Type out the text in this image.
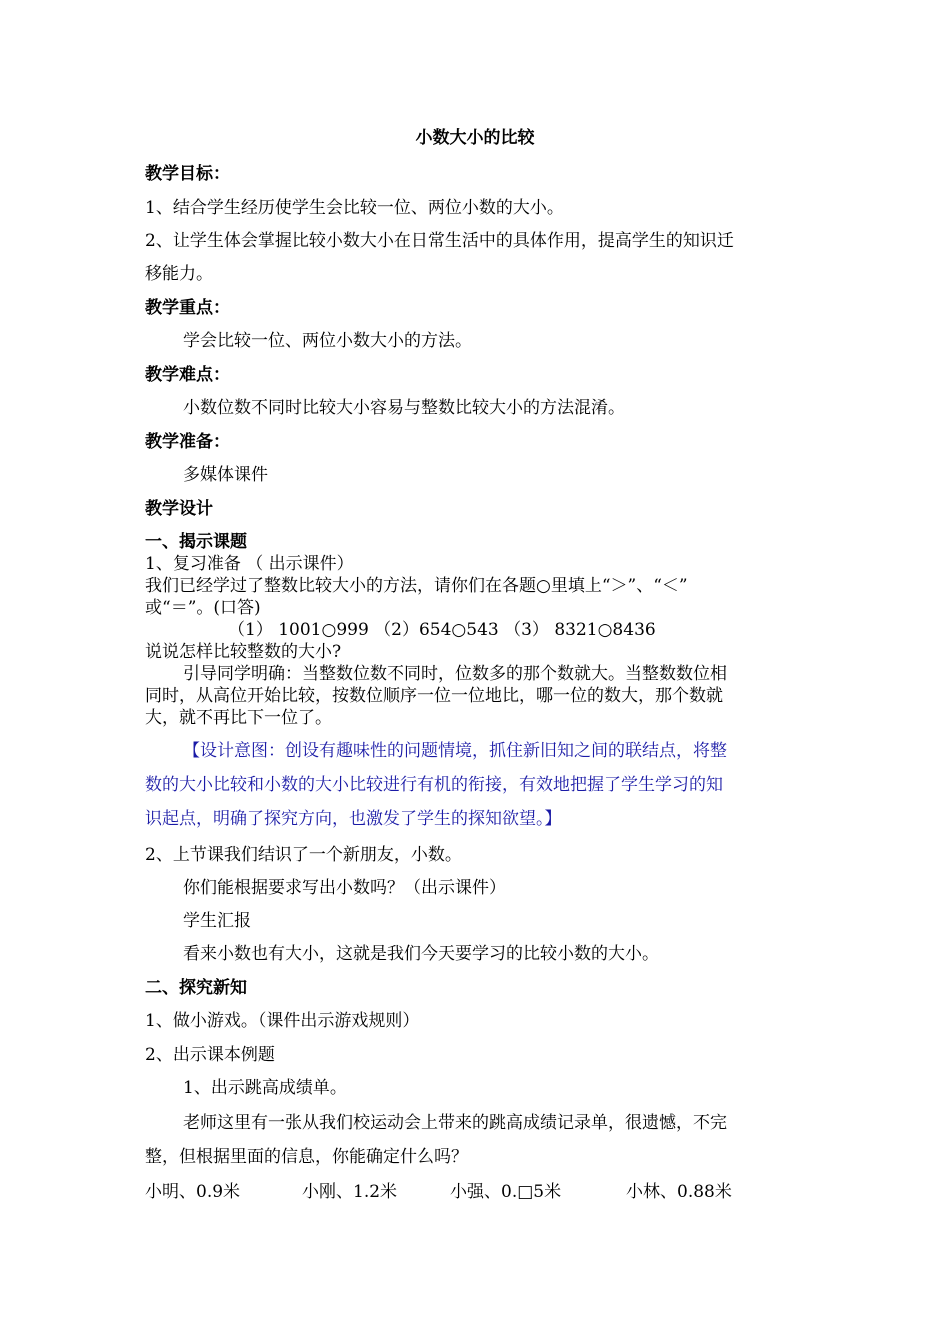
小数大小的比较
教学目标：
1、结合学生经历使学生会比较一位、两位小数的大小。
2、让学生体会掌握比较小数大小在日常生活中的具体作用，提高学生的知识迁
移能力。
教学重点：
学会比较一位、两位小数大小的方法。
教学难点：
小数位数不同时比较大小容易与整数比较大小的方法混淆。
教学准备：
多媒体课件
教学设计
一、揭示课题
1、复习准备 （ 出示课件）
我们已经学过了整数比较大小的方法，请你们在各题○里填上“＞”、“＜”
或“＝”。(口答)
（1） 1001○999 （2）654○543 （3） 8321○8436
说说怎样比较整数的大小?
引导同学明确：当整数位数不同时，位数多的那个数就大。当整数数位相
同时，从高位开始比较，按数位顺序一位一位地比，哪一位的数大，那个数就
大，就不再比下一位了。
【设计意图：创设有趣味性的问题情境，抓住新旧知之间的联结点，将整
数的大小比较和小数的大小比较进行有机的衔接，有效地把握了学生学习的知
识起点，明确了探究方向，也激发了学生的探知欲望。】
2、上节课我们结识了一个新朋友，小数。
你们能根据要求写出小数吗？（出示课件）
学生汇报
看来小数也有大小，这就是我们今天要学习的比较小数的大小。
二、探究新知
1、做小游戏。（课件出示游戏规则）
2、出示课本例题
1、出示跳高成绩单。
老师这里有一张从我们校运动会上带来的跳高成绩记录单，很遗憾，不完
整，但根据里面的信息，你能确定什么吗？
小明、0.9米	小刚、1.2米	小强、0.□5米	小林、0.88米
